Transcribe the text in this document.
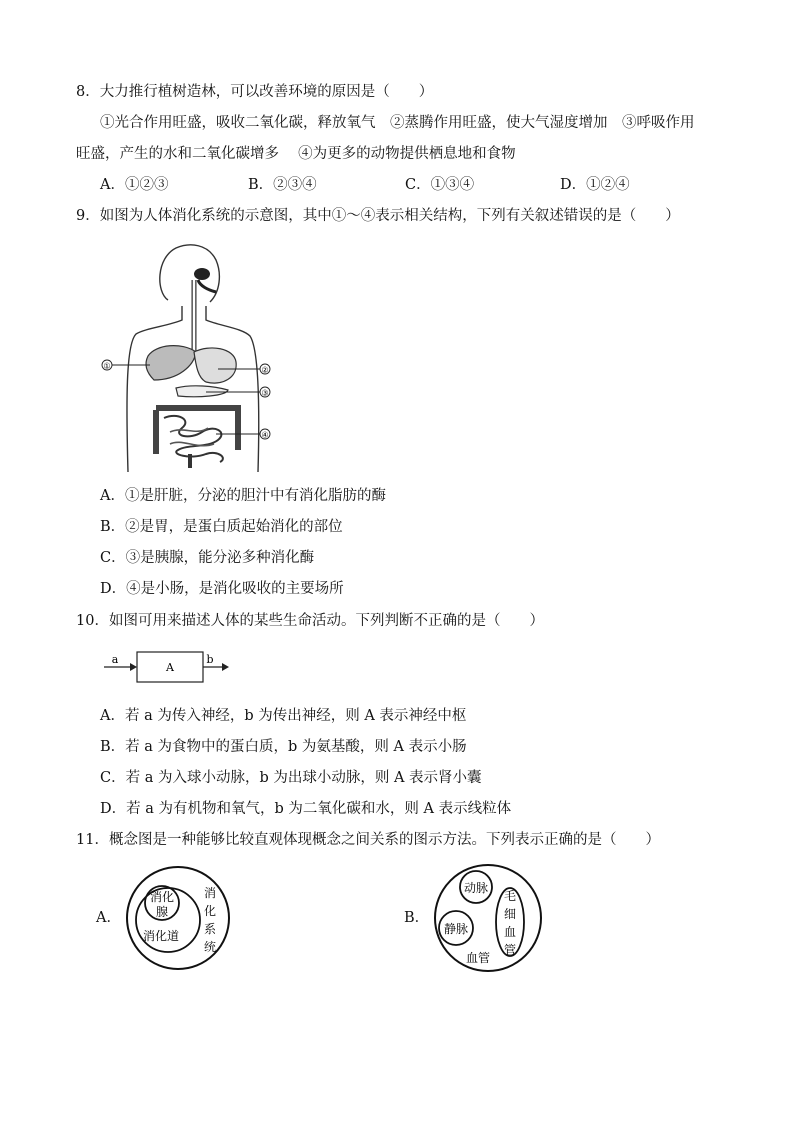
8．大力推行植树造林，可以改善环境的原因是（　　）
①光合作用旺盛，吸收二氧化碳，释放氧气　②蒸腾作用旺盛，使大气湿度增加　③呼吸作用
旺盛，产生的水和二氧化碳增多　 ④为更多的动物提供栖息地和食物
A．①②③	B．②③④	C．①③④	D．①②④
9．如图为人体消化系统的示意图，其中①～④表示相关结构，下列有关叙述错误的是（　　）
①	②
③
④
A．①是肝脏，分泌的胆汁中有消化脂肪的酶
B．②是胃，是蛋白质起始消化的部位
C．③是胰腺，能分泌多种消化酶
D．④是小肠，是消化吸收的主要场所
10．如图可用来描述人体的某些生命活动。下列判断不正确的是（　　）
a
A
b
A．若 a 为传入神经，b 为传出神经，则 A 表示神经中枢
B．若 a 为食物中的蛋白质，b 为氨基酸，则 A 表示小肠
C．若 a 为入球小动脉，b 为出球小动脉，则 A 表示肾小囊
D．若 a 为有机物和氧气，b 为二氧化碳和水，则 A 表示线粒体
11．概念图是一种能够比较直观体现概念之间关系的图示方法。下列表示正确的是（　　）
A．
消化
腺
消化道
消
化
系
统
B．
动脉
静脉
毛
细
血
管
血管
